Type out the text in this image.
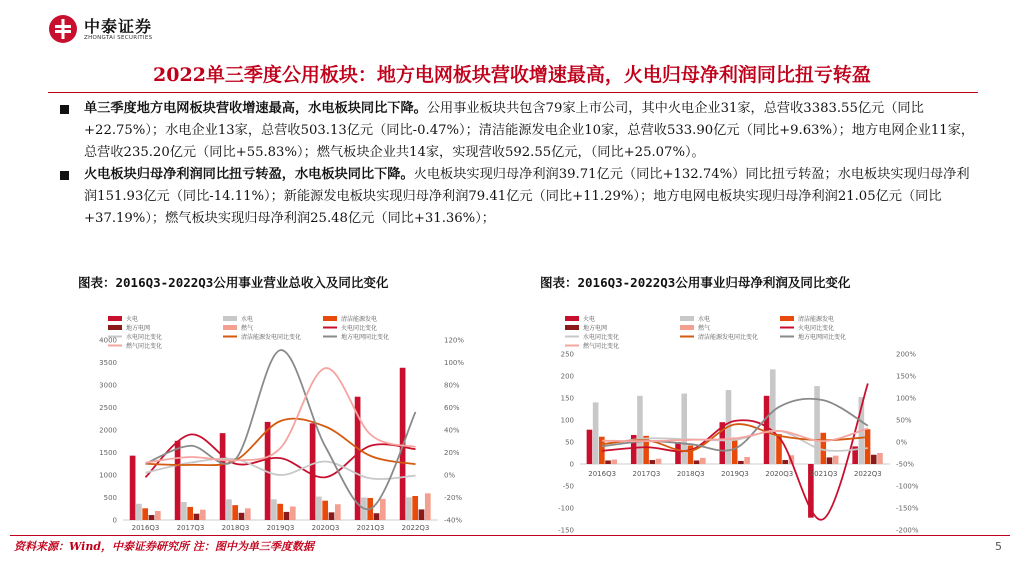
中泰证券
ZHONGTAI SECURITIES
2022单三季度公用板块：地方电网板块营收增速最高，火电归母净利润同比扭亏转盈
单三季度地方电网板块营收增速最高，水电板块同比下降。公用事业板块共包含79家上市公司，其中火电企业31家，总营收3383.55亿元（同比+22.75%）；水电企业13家，总营收503.13亿元（同比-0.47%）；清洁能源发电企业10家，总营收533.90亿元（同比+9.63%）；地方电网企业11家，总营收235.20亿元（同比+55.83%）；燃气板块企业共14家，实现营收592.55亿元，（同比+25.07%）。
火电板块归母净利润同比扭亏转盈，水电板块同比下降。火电板块实现归母净利润39.71亿元（同比+132.74%）同比扭亏转盈；水电板块实现归母净利润151.93亿元（同比-14.11%）；新能源发电板块实现归母净利润79.41亿元（同比+11.29%）；地方电网电板块实现归母净利润21.05亿元（同比+37.19%）；燃气板块实现归母净利润25.48亿元（同比+31.36%）；
图表：2016Q3-2022Q3公用事业营业总收入及同比变化	图表：2016Q3-2022Q3公用事业归母净利润及同比变化
火电	水电	清洁能源发电
地方电网	燃气	火电同比变化
水电同比变化	清洁能源发电同比变化	地方电网同比变化
燃气同比变化
0
500
1000
1500
2000
2500
3000
3500
4000
-40%
-20%
0%
20%
40%
60%
80%
100%
120%
2016Q3 2017Q3 2018Q3 2019Q3 2020Q3 2021Q3 2022Q3
火电	水电	清洁能源发电
地方电网	燃气	火电同比变化
水电同比变化	清洁能源发电同比变化	地方电网同比变化
燃气同比变化
-150
-100
-50
0
50
100
150
200
250
-200%
-150%
-100%
-50%
0%
50%
100%
150%
200%
2016Q3 2017Q3 2018Q3 2019Q3 2020Q3 2021Q3 2022Q3
资料来源：Wind，中泰证券研究所 注：图中为单三季度数据	5
